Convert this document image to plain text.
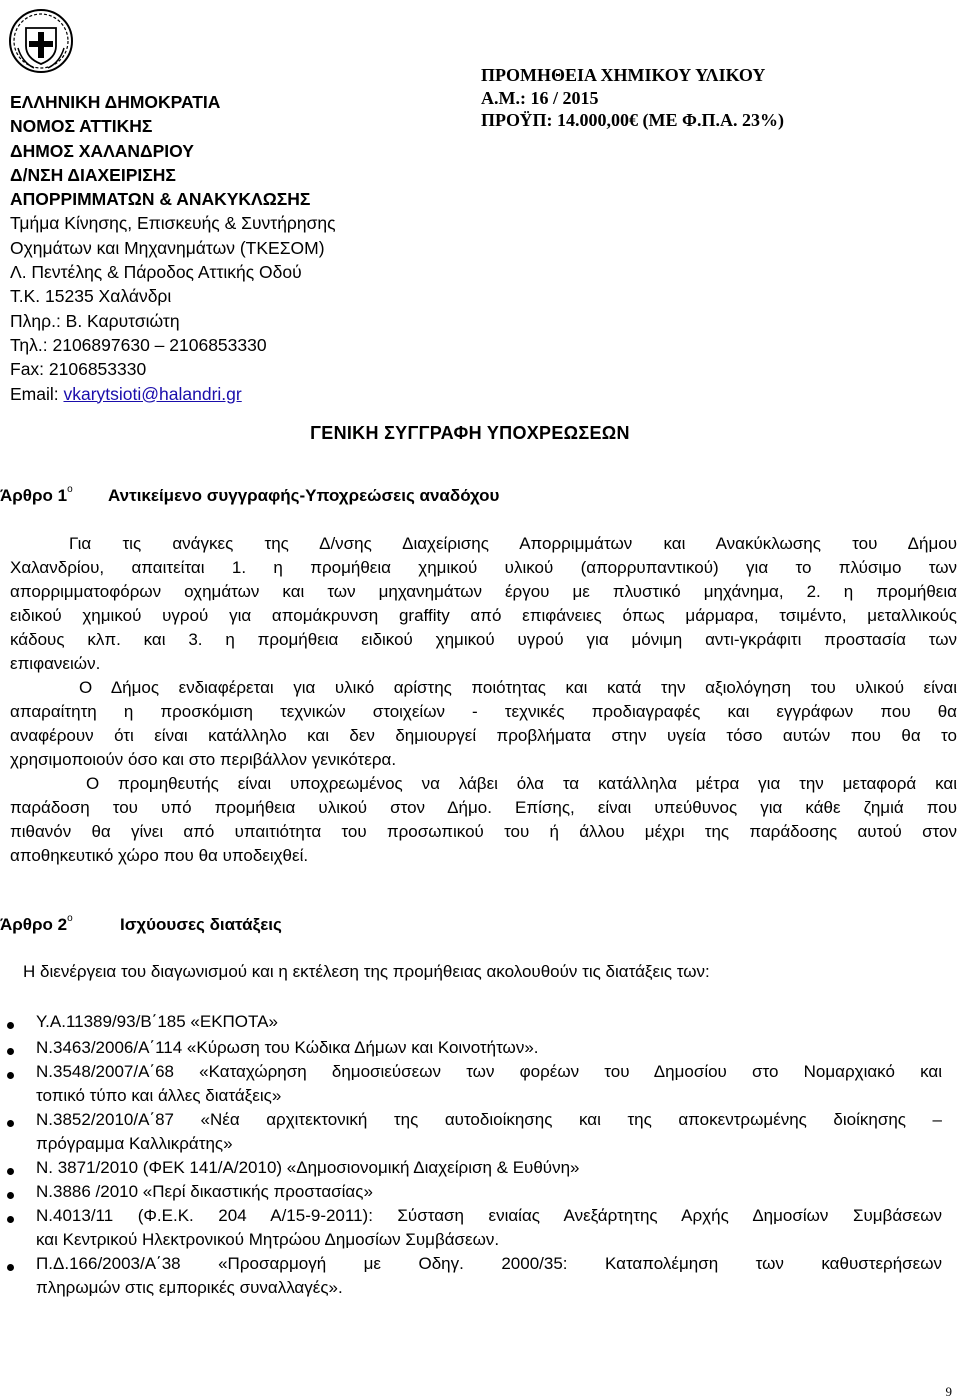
ΕΛΛΗΝΙΚΗ ΔΗΜΟΚΡΑΤΙΑ
ΝΟΜΟΣ ΑΤΤΙΚΗΣ
ΔΗΜΟΣ ΧΑΛΑΝΔΡΙΟΥ
Δ/ΝΣΗ ΔΙΑΧΕΙΡΙΣΗΣ
ΑΠΟΡΡΙΜΜΑΤΩΝ & ΑΝΑΚΥΚΛΩΣΗΣ
Τμήμα Κίνησης, Επισκευής & Συντήρησης
Οχημάτων και Μηχανημάτων (ΤΚΕΣΟΜ)
Λ. Πεντέλης & Πάροδος Αττικής Οδού
Τ.Κ. 15235 Χαλάνδρι
Πληρ.: Β. Καρυτσιώτη
Τηλ.: 2106897630 – 2106853330
Fax: 2106853330
Email: vkarytsioti@halandri.gr
ΠΡΟΜΗΘΕΙΑ ΧΗΜΙΚΟΥ ΥΛΙΚΟΥ
Α.Μ.: 16 / 2015
ΠΡΟΫΠ: 14.000,00€ (ΜΕ Φ.Π.Α. 23%)
ΓΕΝΙΚΗ ΣΥΓΓΡΑΦΗ ΥΠΟΧΡΕΩΣΕΩΝ
Άρθρο $1^o$ Αντικείμενο συγγραφής-Υποχρεώσεις αναδόχου
Για τις ανάγκες της Δ/νσης Διαχείρισης Απορριμμάτων και Ανακύκλωσης του Δήμου
Χαλανδρίου, απαιτείται 1. η προμήθεια χημικού υλικού (απορρυπαντικού) για το πλύσιμο των
απορριμματοφόρων οχημάτων και των μηχανημάτων έργου με πλυστικό μηχάνημα, 2. η προμήθεια
ειδικού χημικού υγρού για απομάκρυνση graffity από επιφάνειες όπως μάρμαρα, τσιμέντο, μεταλλικούς
κάδους κλπ. και 3. η προμήθεια ειδικού χημικού υγρού για μόνιμη αντι-γκράφιτι προστασία των
επιφανειών.
Ο Δήμος ενδιαφέρεται για υλικό αρίστης ποιότητας και κατά την αξιολόγηση του υλικού είναι
απαραίτητη η προσκόμιση τεχνικών στοιχείων - τεχνικές προδιαγραφές και εγγράφων που θα
αναφέρουν ότι είναι κατάλληλο και δεν δημιουργεί προβλήματα στην υγεία τόσο αυτών που θα το
χρησιμοποιούν όσο και στο περιβάλλον γενικότερα.
Ο προμηθευτής είναι υποχρεωμένος να λάβει όλα τα κατάλληλα μέτρα για την μεταφορά και
παράδοση του υπό προμήθεια υλικού στον Δήμο. Επίσης, είναι υπεύθυνος για κάθε ζημιά που
πιθανόν θα γίνει από υπαιτιότητα του προσωπικού του ή άλλου μέχρι της παράδοσης αυτού στον
αποθηκευτικό χώρο που θα υποδειχθεί.
Άρθρο $2^o$	Ισχύουσες διατάξεις
Η διενέργεια του διαγωνισμού και η εκτέλεση της προμήθειας ακολουθούν τις διατάξεις των:
Υ.Α.11389/93/Β΄185 «ΕΚΠΟΤΑ»
Ν.3463/2006/Α΄114 «Κύρωση του Κώδικα Δήμων και Κοινοτήτων».
Ν.3548/2007/Α΄68 «Καταχώρηση δημοσιεύσεων των φορέων του Δημοσίου στο Νομαρχιακό και
τοπικό τύπο και άλλες διατάξεις»
Ν.3852/2010/Α΄87 «Νέα αρχιτεκτονική της αυτοδιοίκησης και της αποκεντρωμένης διοίκησης –
πρόγραμμα Καλλικράτης»
Ν. 3871/2010 (ΦΕΚ 141/Α/2010) «Δημοσιονομική Διαχείριση & Ευθύνη»
Ν.3886 /2010 «Περί δικαστικής προστασίας»
Ν.4013/11 (Φ.Ε.Κ. 204 Α/15-9-2011): Σύσταση ενιαίας Ανεξάρτητης Αρχής Δημοσίων Συμβάσεων
και Κεντρικού Ηλεκτρονικού Μητρώου Δημοσίων Συμβάσεων.
Π.Δ.166/2003/Α΄38 «Προσαρμογή με Οδηγ. 2000/35: Καταπολέμηση των καθυστερήσεων
πληρωμών στις εμπορικές συναλλαγές».
9
